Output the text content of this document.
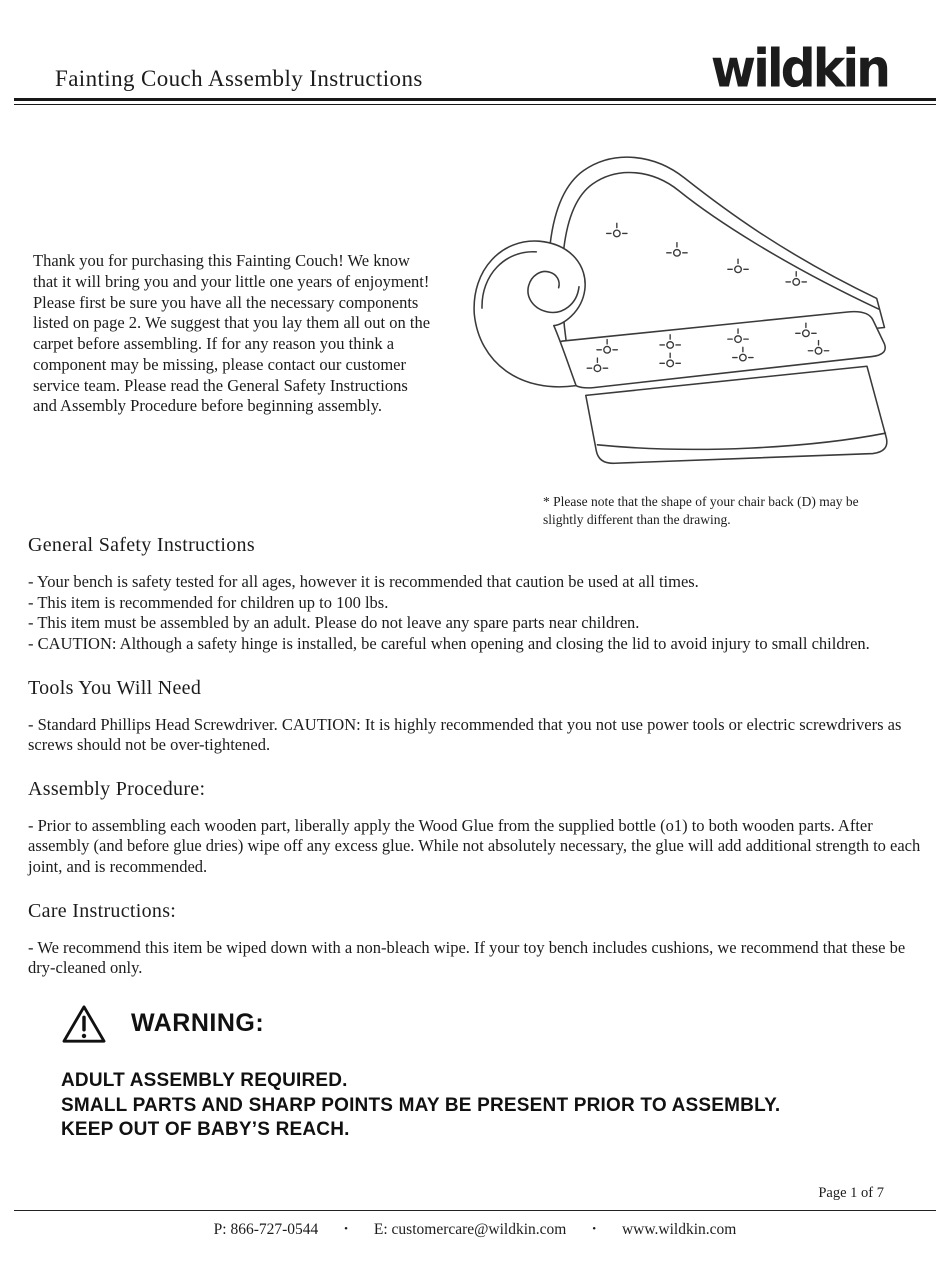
Fainting Couch Assembly Instructions	wildkin
Thank you for purchasing this Fainting Couch! We know that it will bring you and your little one years of enjoyment! Please first be sure you have all the necessary components listed on page 2. We suggest that you lay them all out on the carpet before assembling. If for any reason you think a component may be missing, please contact our customer service team. Please read the General Safety Instructions and Assembly Procedure before beginning assembly.
* Please note that the shape of your chair back (D) may be slightly different than the drawing.
General Safety Instructions
- Your bench is safety tested for all ages, however it is recommended that caution be used at all times.
- This item is recommended for children up to 100 lbs.
- This item must be assembled by an adult. Please do not leave any spare parts near children.
- CAUTION: Although a safety hinge is installed, be careful when opening and closing the lid to avoid injury to small children.
Tools You Will Need
- Standard Phillips Head Screwdriver. CAUTION: It is highly recommended that you not use power tools or electric screwdrivers as screws should not be over-tightened.
Assembly Procedure:
- Prior to assembling each wooden part, liberally apply the Wood Glue from the supplied bottle (o1) to both wooden parts. After assembly (and before glue dries) wipe off any excess glue. While not absolutely necessary, the glue will add additional strength to each joint, and is recommended.
Care Instructions:
- We recommend this item be wiped down with a non-bleach wipe. If your toy bench includes cushions, we recommend that these be dry-cleaned only.
WARNING:
ADULT ASSEMBLY REQUIRED.
SMALL PARTS AND SHARP POINTS MAY BE PRESENT PRIOR TO ASSEMBLY.
KEEP OUT OF BABY’S REACH.
Page 1 of 7
P: 866-727-0544 • E: customercare@wildkin.com • www.wildkin.com
